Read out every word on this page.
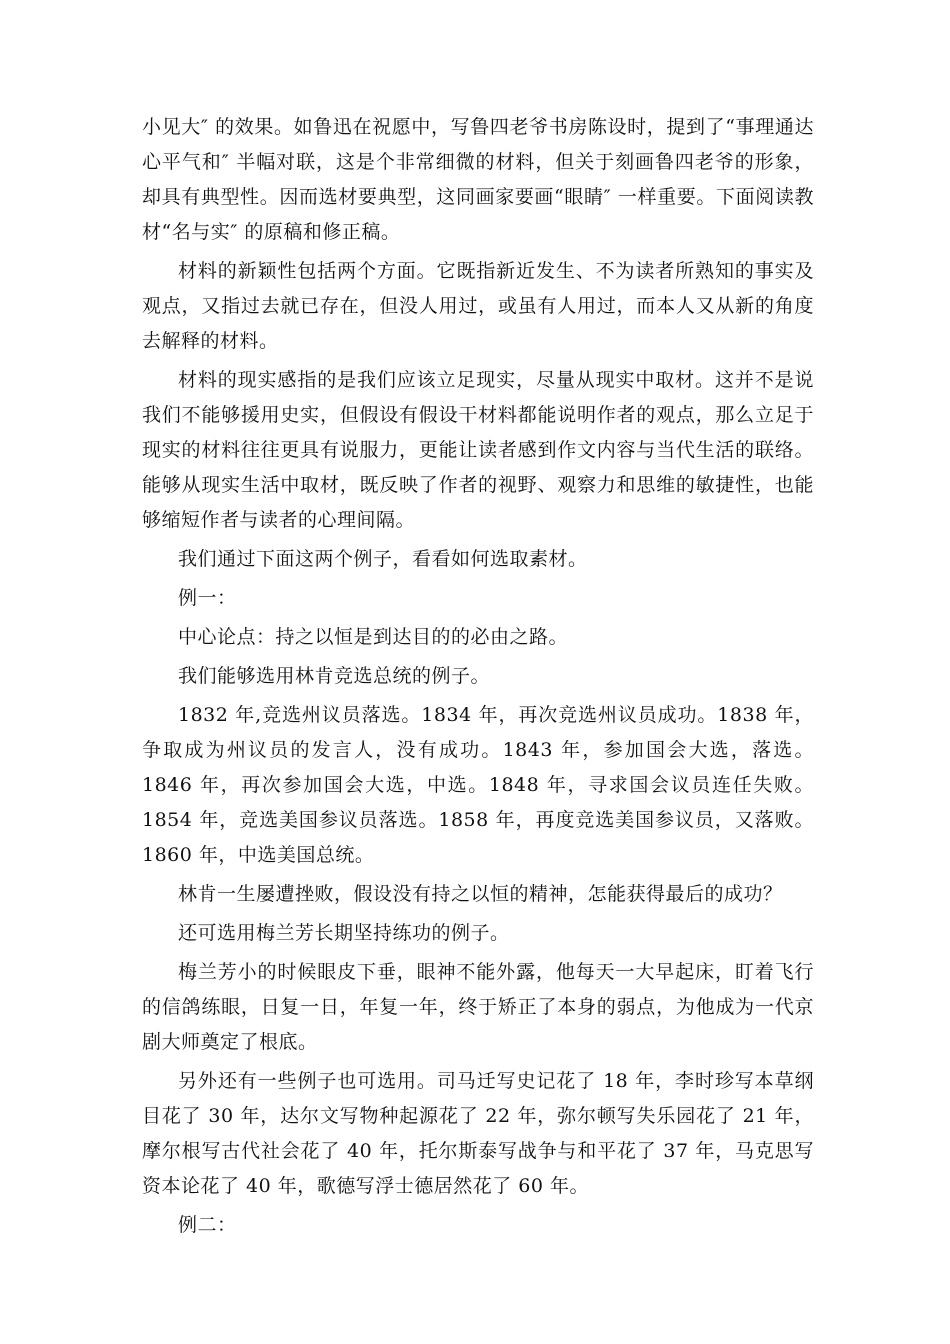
小见大″ 的效果。如鲁迅在祝愿中，写鲁四老爷书房陈设时，提到了“事理通达心平气和″ 半幅对联，这是个非常细微的材料，但关于刻画鲁四老爷的形象，却具有典型性。因而选材要典型，这同画家要画“眼睛″ 一样重要。下面阅读教材“名与实″ 的原稿和修正稿。

材料的新颖性包括两个方面。它既指新近发生、不为读者所熟知的事实及观点，又指过去就已存在，但没人用过，或虽有人用过，而本人又从新的角度去解释的材料。

材料的现实感指的是我们应该立足现实，尽量从现实中取材。这并不是说我们不能够援用史实，但假设有假设干材料都能说明作者的观点，那么立足于现实的材料往往更具有说服力，更能让读者感到作文内容与当代生活的联络。能够从现实生活中取材，既反映了作者的视野、观察力和思维的敏捷性，也能够缩短作者与读者的心理间隔。

我们通过下面这两个例子，看看如何选取素材。

例一：

中心论点：持之以恒是到达目的的必由之路。

我们能够选用林肯竞选总统的例子。

1832 年,竞选州议员落选。1834 年，再次竞选州议员成功。1838 年，争取成为州议员的发言人，没有成功。1843 年，参加国会大选，落选。1846 年，再次参加国会大选，中选。1848 年，寻求国会议员连任失败。1854 年，竞选美国参议员落选。1858 年，再度竞选美国参议员，又落败。1860 年，中选美国总统。

林肯一生屡遭挫败，假设没有持之以恒的精神，怎能获得最后的成功？

还可选用梅兰芳长期坚持练功的例子。

梅兰芳小的时候眼皮下垂，眼神不能外露，他每天一大早起床，盯着飞行的信鸽练眼，日复一日，年复一年，终于矫正了本身的弱点，为他成为一代京剧大师奠定了根底。

另外还有一些例子也可选用。司马迁写史记花了 18 年，李时珍写本草纲目花了 30 年，达尔文写物种起源花了 22 年，弥尔顿写失乐园花了 21 年，摩尔根写古代社会花了 40 年，托尔斯泰写战争与和平花了 37 年，马克思写资本论花了 40 年，歌德写浮士德居然花了 60 年。

例二：
